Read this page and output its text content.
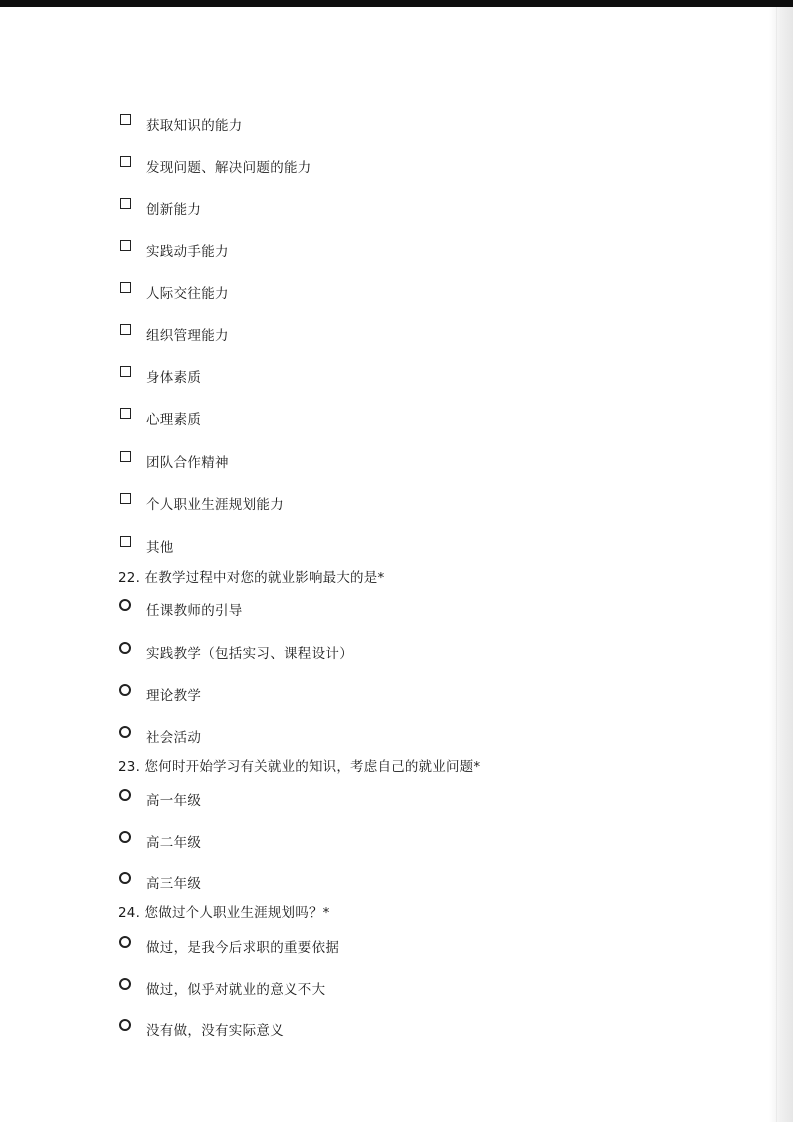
获取知识的能力
发现问题、解决问题的能力
创新能力
实践动手能力
人际交往能力
组织管理能力
身体素质
心理素质
团队合作精神
个人职业生涯规划能力
其他
22. 在教学过程中对您的就业影响最大的是*
任课教师的引导
实践教学（包括实习、课程设计）
理论教学
社会活动
23. 您何时开始学习有关就业的知识，考虑自己的就业问题*
高一年级
高二年级
高三年级
24. 您做过个人职业生涯规划吗？*
做过，是我今后求职的重要依据
做过，似乎对就业的意义不大
没有做，没有实际意义
